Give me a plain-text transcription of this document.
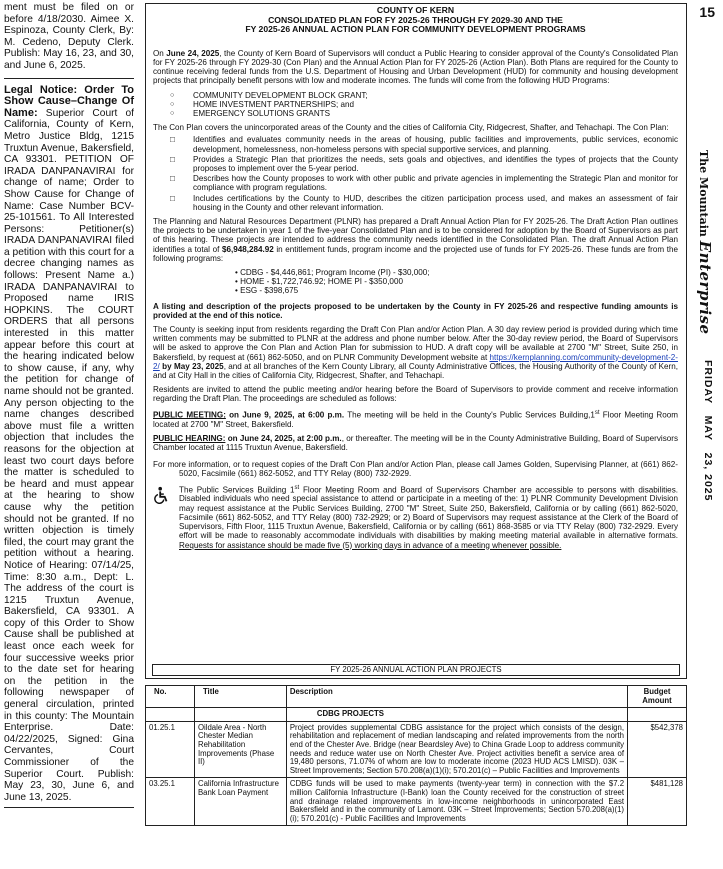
ment must be filed on or before 4/18/2030. Aimee X. Espinoza, County Clerk, By: M. Cedeno, Deputy Clerk. Publish: May 16, 23, and 30, and June 6, 2025.

Legal Notice: Order To Show Cause–Change Of Name: Superior Court of California, County of Kern, Metro Justice Bldg, 1215 Truxtun Avenue, Bakersfield, CA 93301. PETITION OF IRADA DANPANAVIRAI for change of name; Order to Show Cause for Change of Name: Case Number BCV-25-101561. To All Interested Persons: Petitioner(s) IRADA DANPANAVIRAI filed a petition with this court for a decree changing names as follows: Present Name a.) IRADA DANPANAVIRAI to Proposed name IRIS HOPKINS. The COURT ORDERS that all persons interested in this matter appear before this court at the hearing indicated below to show cause, if any, why the petition for change of name should not be granted. Any person objecting to the name changes described above must file a written objection that includes the reasons for the objection at least two court days before the matter is scheduled to be heard and must appear at the hearing to show cause why the petition should not be granted. If no written objection is timely filed, the court may grant the petition without a hearing. Notice of Hearing: 07/14/25, Time: 8:30 a.m., Dept: L. The address of the court is 1215 Truxtun Avenue, Bakersfield, CA 93301. A copy of this Order to Show Cause shall be published at least once each week for four successive weeks prior to the date set for hearing on the petition in the following newspaper of general circulation, printed in this county: The Mountain Enterprise. Date: 04/22/2025, Signed: Gina Cervantes, Court Commissioner of the Superior Court. Publish: May 23, 30, June 6, and June 13, 2025.

15
The Mountain Enterprise
FRIDAY   MAY   23, 2025
COUNTY OF KERN
CONSOLIDATED PLAN FOR FY 2025-26 THROUGH FY 2029-30 AND THE
FY 2025-26 ANNUAL ACTION PLAN FOR COMMUNITY DEVELOPMENT PROGRAMS

On June 24, 2025, the County of Kern Board of Supervisors will conduct a Public Hearing to consider approval of the County's Consolidated Plan for FY 2025-26 through FY 2029-30 (Con Plan) and the Annual Action Plan for FY 2025-26 (Action Plan). Both Plans are required for the County to continue receiving federal funds from the U.S. Department of Housing and Urban Development (HUD) for community and housing development projects that principally benefit persons with low and moderate incomes. The funds will come from the following HUD Programs:

○ COMMUNITY DEVELOPMENT BLOCK GRANT;
○ HOME INVESTMENT PARTNERSHIPS; and
○ EMERGENCY SOLUTIONS GRANTS

The Con Plan covers the unincorporated areas of the County and the cities of California City, Ridgecrest, Shafter, and Tehachapi. The Con Plan:

□ Identifies and evaluates community needs in the areas of housing, public facilities and improvements, public services, economic development, homelessness, non-homeless persons with special supportive services, and planning.
□ Provides a Strategic Plan that prioritizes the needs, sets goals and objectives, and identifies the types of projects that the County proposes to implement over the 5-year period.
□ Describes how the County proposes to work with other public and private agencies in implementing the Strategic Plan and monitor for compliance with program regulations.
□ Includes certifications by the County to HUD, describes the citizen participation process used, and makes an assessment of fair housing in the County and other relevant information.

The Planning and Natural Resources Department (PLNR) has prepared a Draft Annual Action Plan for FY 2025-26. The Draft Action Plan outlines the projects to be undertaken in year 1 of the five-year Consolidated Plan and is to be considered for adoption by the Board of Supervisors as part of this hearing. These projects are intended to address the community needs identified in the Consolidated Plan. The draft Annual Action Plan identifies a total of $6,948,284.92 in entitlement funds, program income and the projected use of funds for FY 2025-26. These funds are from the following programs:

• CDBG - $4,446,861; Program Income (PI) - $30,000;
• HOME - $1,722,746.92; HOME PI - $350,000
• ESG - $398,675

A listing and description of the projects proposed to be undertaken by the County in FY 2025-26 and respective funding amounts is provided at the end of this notice.

The County is seeking input from residents regarding the Draft Con Plan and/or Action Plan. A 30 day review period is provided during which time written comments may be submitted to PLNR at the address and phone number below. After the 30-day review period, the Board of Supervisors will be asked to approve the Con Plan and Action Plan for submission to HUD. A draft copy will be available at 2700 "M" Street, Suite 250, in Bakersfield, by request at (661) 862-5050, and on PLNR Community Development website at https://kernplanning.com/community-development-2-2/ by May 23, 2025, and at all branches of the Kern County Library, all County Administrative Offices, the Housing Authority of the County of Kern, and at City Hall in the cities of California City, Ridgecrest, Shafter, and Tehachapi.

Residents are invited to attend the public meeting and/or hearing before the Board of Supervisors to provide comment and receive information regarding the Draft Plan. The proceedings are scheduled as follows:

PUBLIC MEETING: on June 9, 2025, at 6:00 p.m. The meeting will be held in the County's Public Services Building,1st Floor Meeting Room located at 2700 "M" Street, Bakersfield.

PUBLIC HEARING: on June 24, 2025, at 2:00 p.m., or thereafter. The meeting will be in the County Administrative Building, Board of Supervisors Chamber located at 1115 Truxtun Avenue, Bakersfield.

For more information, or to request copies of the Draft Con Plan and/or Action Plan, please call James Golden, Supervising Planner, at (661) 862-5020, Facsimile (661) 862-5052, and TTY Relay (800) 732-2929.

The Public Services Building 1st Floor Meeting Room and Board of Supervisors Chamber are accessible to persons with disabilities. Disabled individuals who need special assistance to attend or participate in a meeting of the: 1) PLNR Community Development Division may request assistance at the Public Services Building, 2700 "M" Street, Suite 250, Bakersfield, California or by calling (661) 862-5020, Facsimile (661) 862-5052, and TTY Relay (800) 732-2929; or 2) Board of Supervisors may request assistance at the Clerk of the Board of Supervisors, Fifth Floor, 1115 Truxtun Avenue, Bakersfield, California or by calling (661) 868-3585 or via TTY Relay (800) 732-2929. Every effort will be made to reasonably accommodate individuals with disabilities by making meeting material available in alternative formats. Requests for assistance should be made five (5) working days in advance of a meeting whenever possible.
FY 2025-26 ANNUAL ACTION PLAN PROJECTS
No.	Title	Description	Budget Amount
		CDBG PROJECTS	
01.25.1	Oildale Area - North Chester Median Rehabilitation Improvements (Phase II)	Project provides supplemental CDBG assistance for the project which consists of the design, rehabilitation and replacement of median landscaping and related improvements from the north end of the Chester Ave. Bridge (near Beardsley Ave) to China Grade Loop to address community needs and reduce water use on North Chester Ave. Project activities benefit a service area of 19,480 persons, 71.07% of whom are low to moderate income (2023 HUD ACS LMISD). 03K – Street Improvements; Section 570.208(a)(1)(i); 570.201(c) – Public Facilities and Improvements	$542,378
03.25.1	California Infrastructure Bank Loan Payment	CDBG funds will be used to make payments (twenty-year term) in connection with the $7.2 million California Infrastructure (I-Bank) loan the County received for the construction of street and drainage related improvements in low-income neighborhoods in unincorporated East Bakersfield and in the community of Lamont. 03K – Street Improvements; Section 570.208(a)(1)(i); 570.201(c) - Public Facilities and Improvements	$481,128
